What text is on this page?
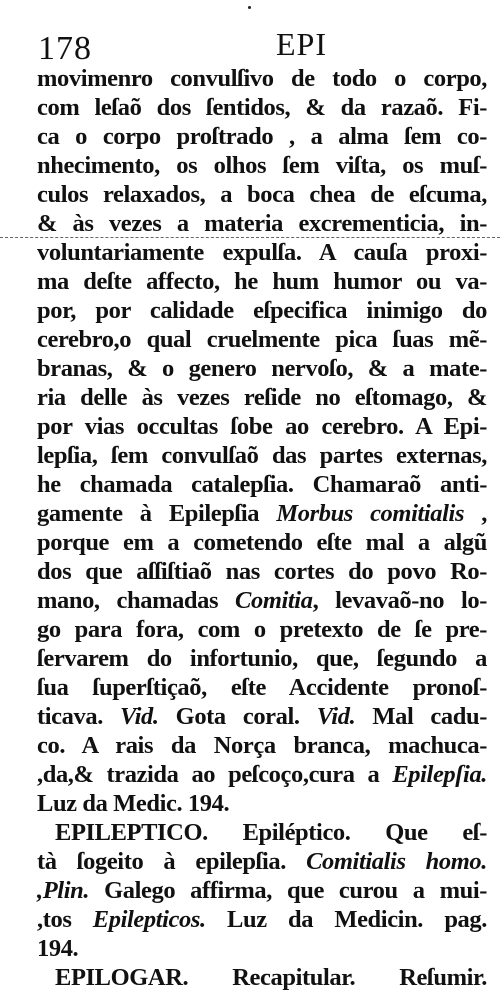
178	EPI
movimenro convulſivo de todo o corpo,
com leſaõ dos ſentidos, & da razaõ. Fi-
ca o corpo proſtrado , a alma ſem co-
nhecimento, os olhos ſem viſta, os muſ-
culos relaxados, a boca chea de eſcuma,
& às vezes a materia excrementicia, in-
voluntariamente expulſa. A cauſa proxi-
ma deſte affecto, he hum humor ou va-
por, por calidade eſpecifica inimigo do
cerebro,o qual cruelmente pica ſuas mẽ-
branas, & o genero nervoſo, & a mate-
ria delle às vezes reſide no eſtomago, &
por vias occultas ſobe ao cerebro. A Epi-
lepſia, ſem convulſaõ das partes externas,
he chamada catalepſia. Chamaraõ anti-
gamente à Epilepſia Morbus comitialis ,
porque em a cometendo eſte mal a algũ
dos que aſſiſtiaõ nas cortes do povo Ro-
mano, chamadas Comitia, levavaõ-no lo-
go para fora, com o pretexto de ſe pre-
ſervarem do infortunio, que, ſegundo a
ſua ſuperſtiçaõ, eſte Accidente pronoſ-
ticava. Vid. Gota coral. Vid. Mal cadu-
co. A rais da Norça branca, machuca-
,da,& trazida ao peſcoço,cura a Epilepſia.
Luz da Medic. 194.
EPILEPTICO. Epiléptico. Que eſ-
tà ſogeito à epilepſia. Comitialis homo.
,Plin. Galego affirma, que curou a mui-
,tos Epilepticos. Luz da Medicin. pag.
194.
EPILOGAR. Recapitular. Reſumir.
